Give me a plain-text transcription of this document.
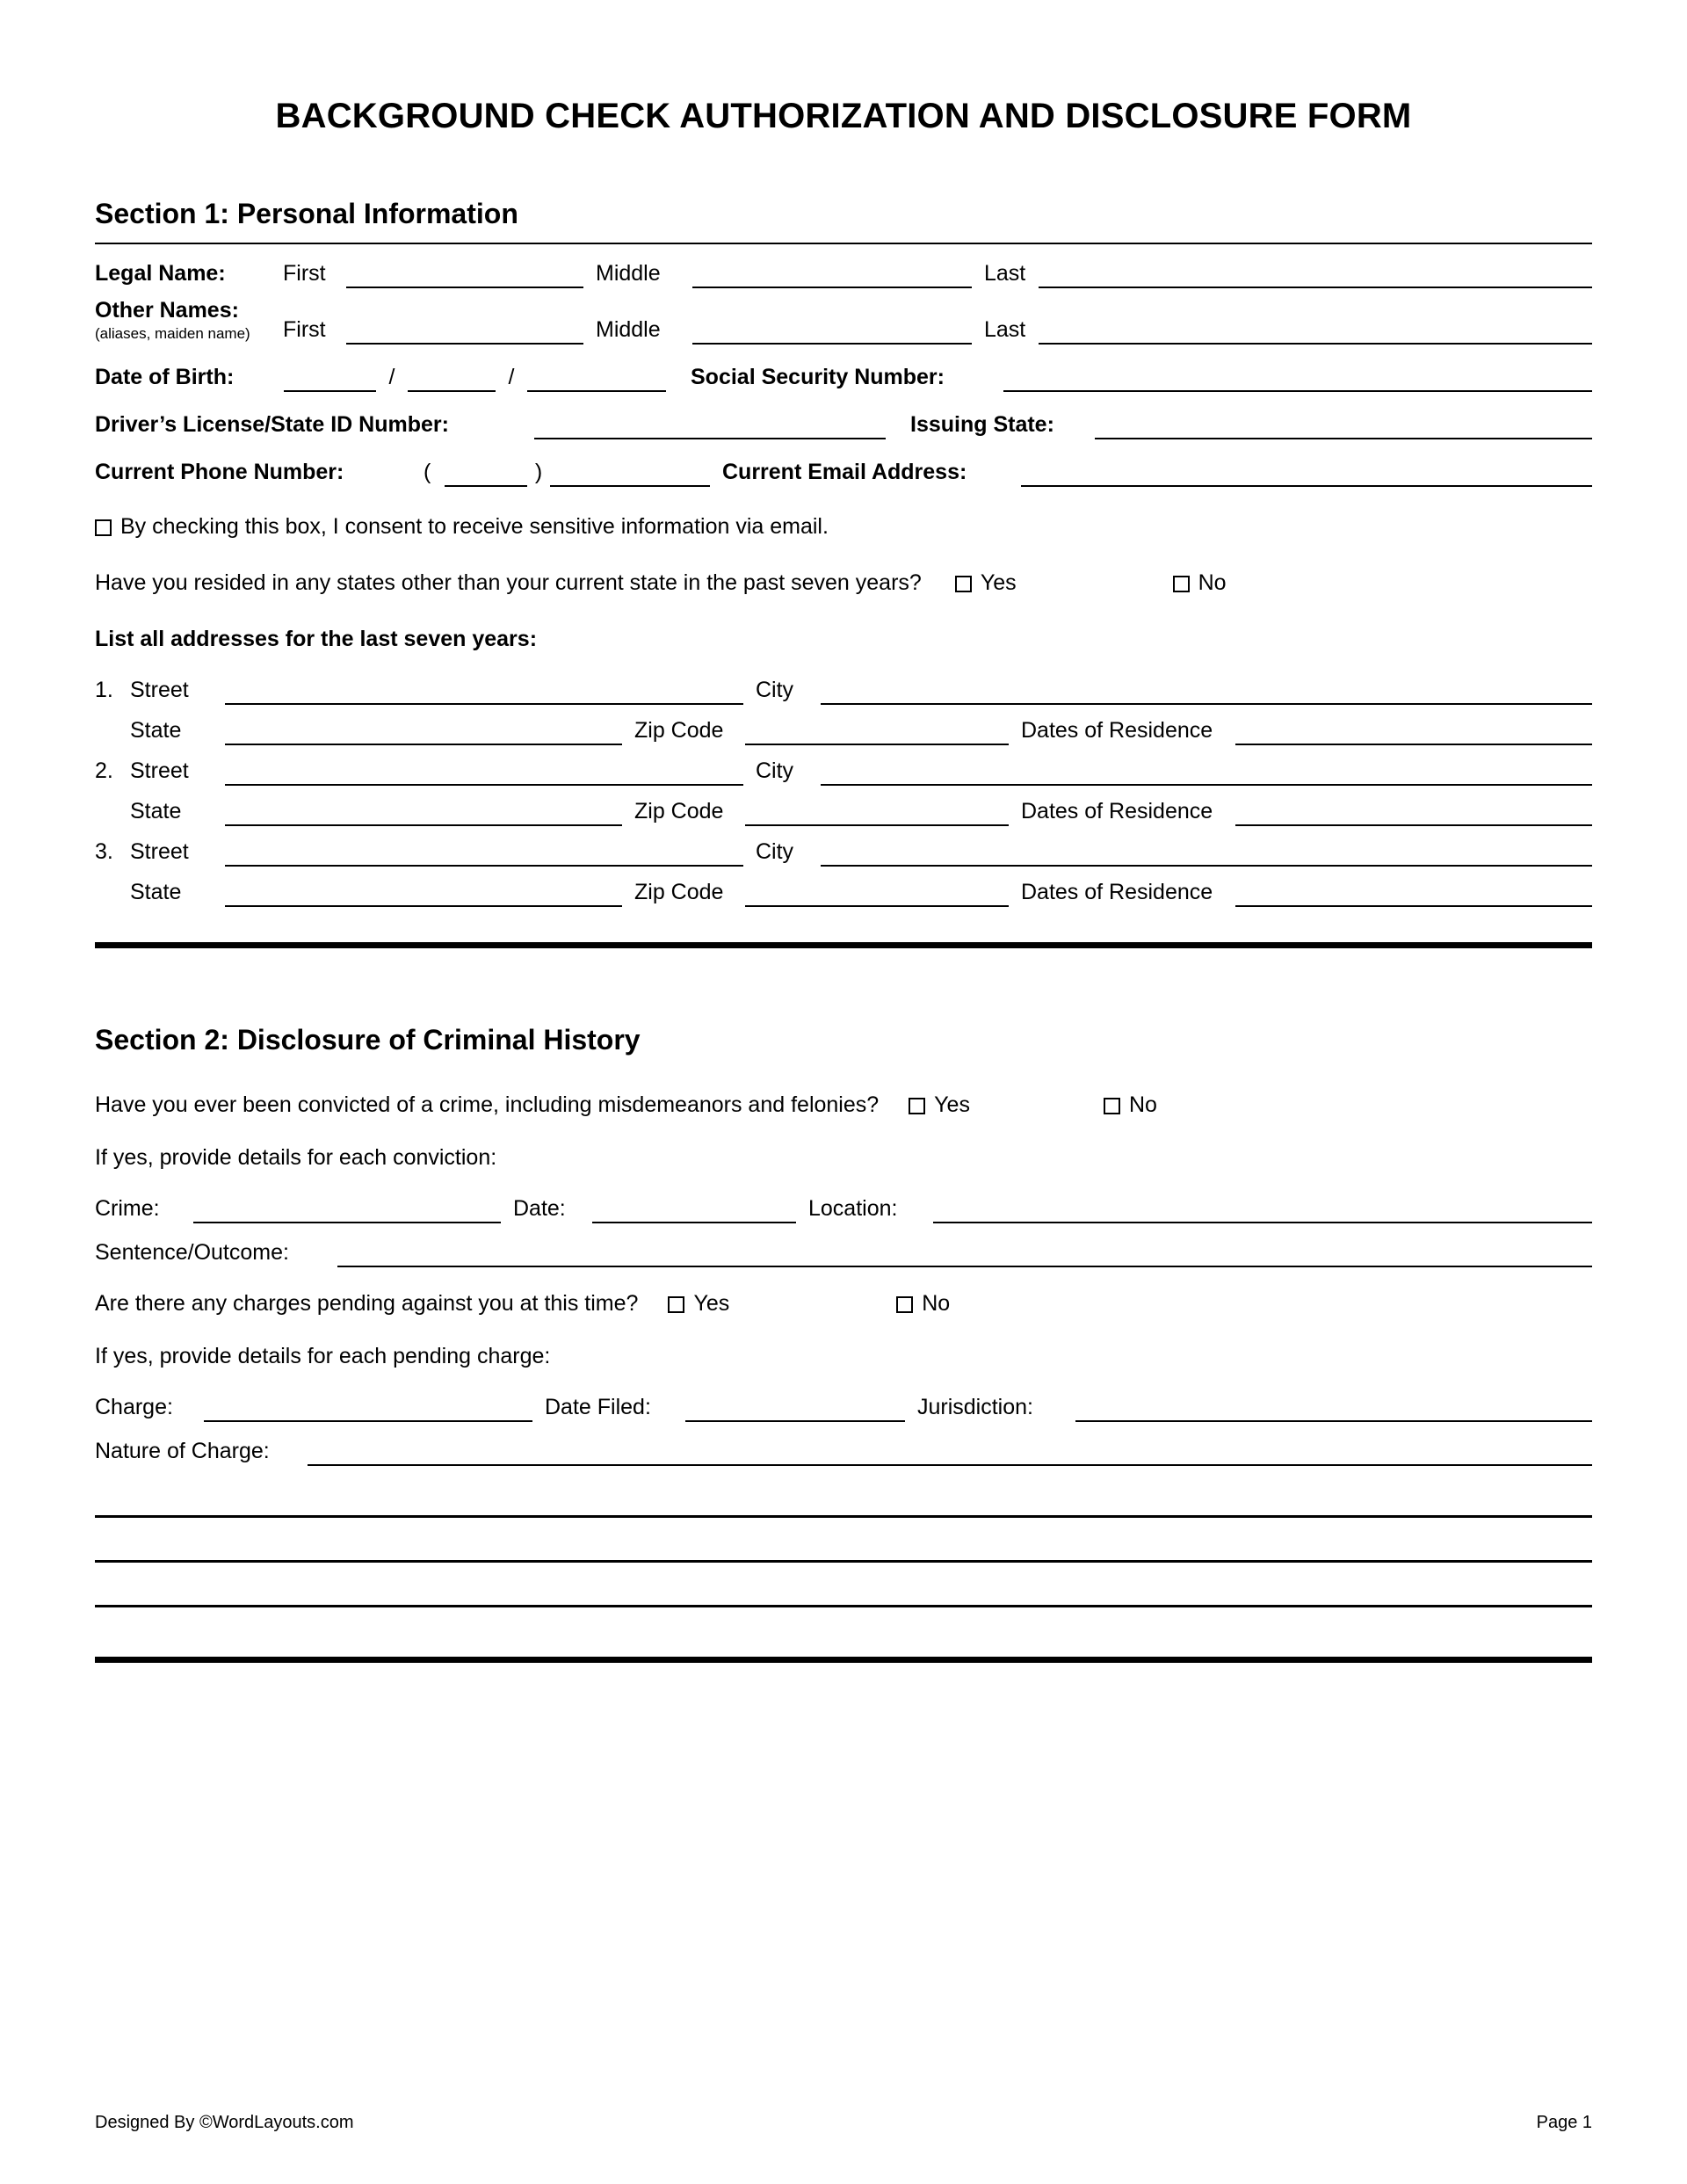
BACKGROUND CHECK AUTHORIZATION AND DISCLOSURE FORM
Section 1: Personal Information
Legal Name:	First	Middle	Last
Other Names:
(aliases, maiden name)	First	Middle	Last
Date of Birth:	/	/	Social Security Number:
Driver’s License/State ID Number:	Issuing State:
Current Phone Number:	(	)	Current Email Address:
By checking this box, I consent to receive sensitive information via email.
Have you resided in any states other than your current state in the past seven years?	Yes	No
List all addresses for the last seven years:
1. Street	City
State	Zip Code	Dates of Residence
2. Street	City
State	Zip Code	Dates of Residence
3. Street	City
State	Zip Code	Dates of Residence
Section 2: Disclosure of Criminal History
Have you ever been convicted of a crime, including misdemeanors and felonies?	Yes	No
If yes, provide details for each conviction:
Crime:	Date:	Location:
Sentence/Outcome:
Are there any charges pending against you at this time?	Yes	No
If yes, provide details for each pending charge:
Charge:	Date Filed:	Jurisdiction:
Nature of Charge:
Designed By ©WordLayouts.com	Page 1
